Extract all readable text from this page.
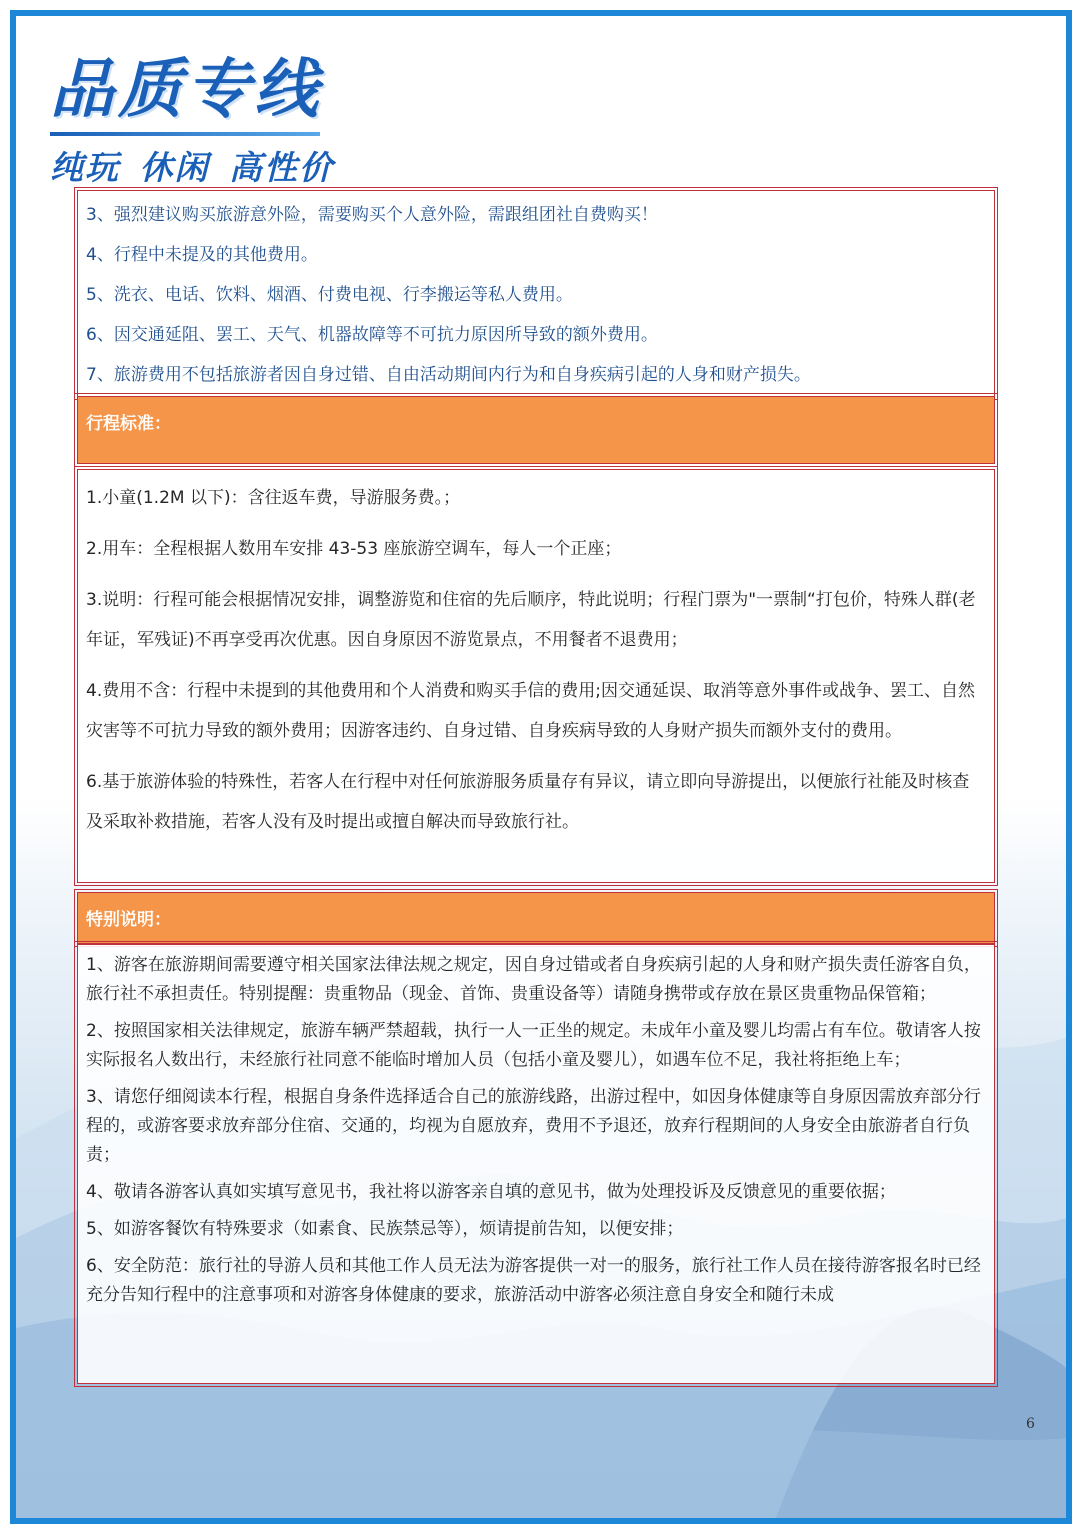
品质专线
纯玩 休闲 高性价
3、强烈建议购买旅游意外险，需要购买个人意外险，需跟组团社自费购买！
4、行程中未提及的其他费用。
5、洗衣、电话、饮料、烟酒、付费电视、行李搬运等私人费用。
6、因交通延阻、罢工、天气、机器故障等不可抗力原因所导致的额外费用。
7、旅游费用不包括旅游者因自身过错、自由活动期间内行为和自身疾病引起的人身和财产损失。
行程标准：
1.小童(1.2M 以下)：含往返车费，导游服务费。；
2.用车：全程根据人数用车安排 43-53 座旅游空调车，每人一个正座；
3.说明：行程可能会根据情况安排，调整游览和住宿的先后顺序，特此说明；行程门票为"一票制“打包价，特殊人群(老年证，军残证)不再享受再次优惠。因自身原因不游览景点，不用餐者不退费用；
4.费用不含：行程中未提到的其他费用和个人消费和购买手信的费用;因交通延误、取消等意外事件或战争、罢工、自然灾害等不可抗力导致的额外费用；因游客违约、自身过错、自身疾病导致的人身财产损失而额外支付的费用。
6.基于旅游体验的特殊性，若客人在行程中对任何旅游服务质量存有异议，请立即向导游提出，以便旅行社能及时核查及采取补救措施，若客人没有及时提出或擅自解决而导致旅行社。
特别说明：
1、游客在旅游期间需要遵守相关国家法律法规之规定，因自身过错或者自身疾病引起的人身和财产损失责任游客自负，旅行社不承担责任。特别提醒：贵重物品（现金、首饰、贵重设备等）请随身携带或存放在景区贵重物品保管箱；
2、按照国家相关法律规定，旅游车辆严禁超载，执行一人一正坐的规定。未成年小童及婴儿均需占有车位。敬请客人按实际报名人数出行，未经旅行社同意不能临时增加人员（包括小童及婴儿），如遇车位不足，我社将拒绝上车；
3、请您仔细阅读本行程，根据自身条件选择适合自己的旅游线路，出游过程中，如因身体健康等自身原因需放弃部分行程的，或游客要求放弃部分住宿、交通的，均视为自愿放弃，费用不予退还，放弃行程期间的人身安全由旅游者自行负责；
4、敬请各游客认真如实填写意见书，我社将以游客亲自填的意见书，做为处理投诉及反馈意见的重要依据；
5、如游客餐饮有特殊要求（如素食、民族禁忌等），烦请提前告知，以便安排；
6、安全防范：旅行社的导游人员和其他工作人员无法为游客提供一对一的服务，旅行社工作人员在接待游客报名时已经充分告知行程中的注意事项和对游客身体健康的要求，旅游活动中游客必须注意自身安全和随行未成
6
